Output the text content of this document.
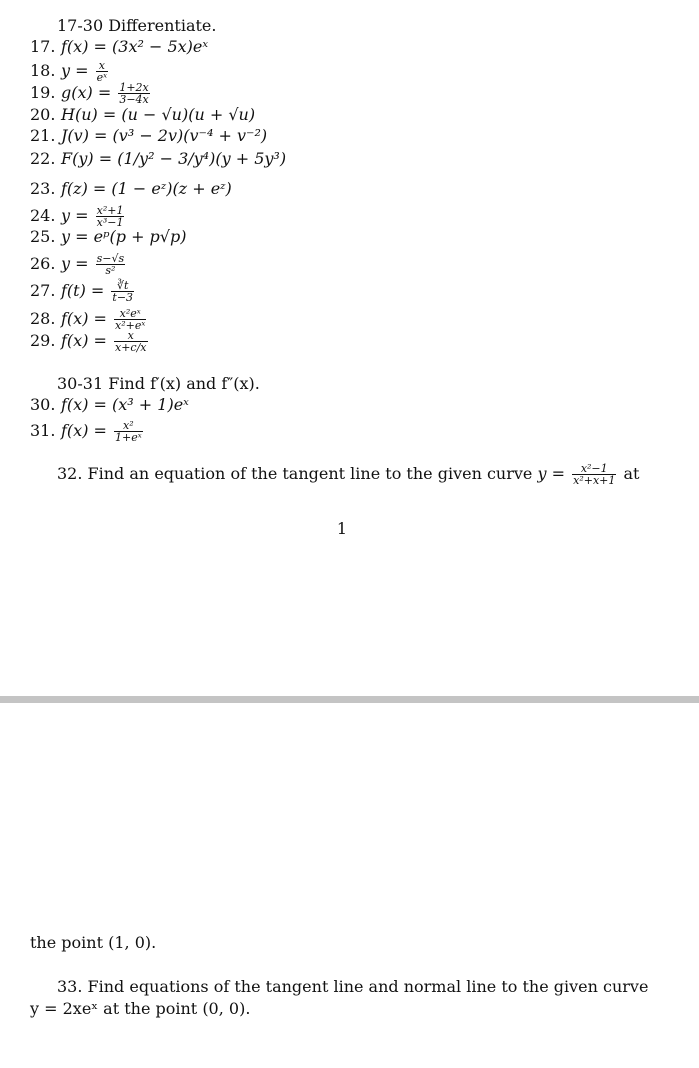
17-30 Differentiate.
17. f(x) = (3x² − 5x)eˣ
18. $y = \frac{x}{\text{eˣ}}$
19. $g(x) = \frac{1+2x}{3-4x}$
20. H(u) = (u − √u)(u + √u)
21. J(v) = (v³ − 2v)(v⁻⁴ + v⁻²)
22. F(y) = (1/y² − 3/y⁴)(y + 5y³)
23. f(z) = (1 − eᶻ)(z + eᶻ)
24. $y = \frac{\text{x²+1}}{\text{x³−1}}$
25. y = eᵖ(p + p√p)
26. $y = \frac{s-√s}{\text{s²}}$
27. $f(t) = \frac{∛t}{t-3}$
28. $f(x) = \frac{\text{x²eˣ}}{\text{x²+eˣ}}$
29. $f(x) = \frac{x}{x+c/x}$
30-31 Find f′(x) and f″(x).
30. f(x) = (x³ + 1)eˣ
31. $f(x) = \frac{\text{x²}}{\text{1+eˣ}}$
32. Find an equation of the tangent line to the given curve $y = \frac{\text{x²−1}}{\text{x²+x+1}}$ at
1
the point (1, 0).
33. Find equations of the tangent line and normal line to the given curve
y = 2xeˣ at the point (0, 0).
